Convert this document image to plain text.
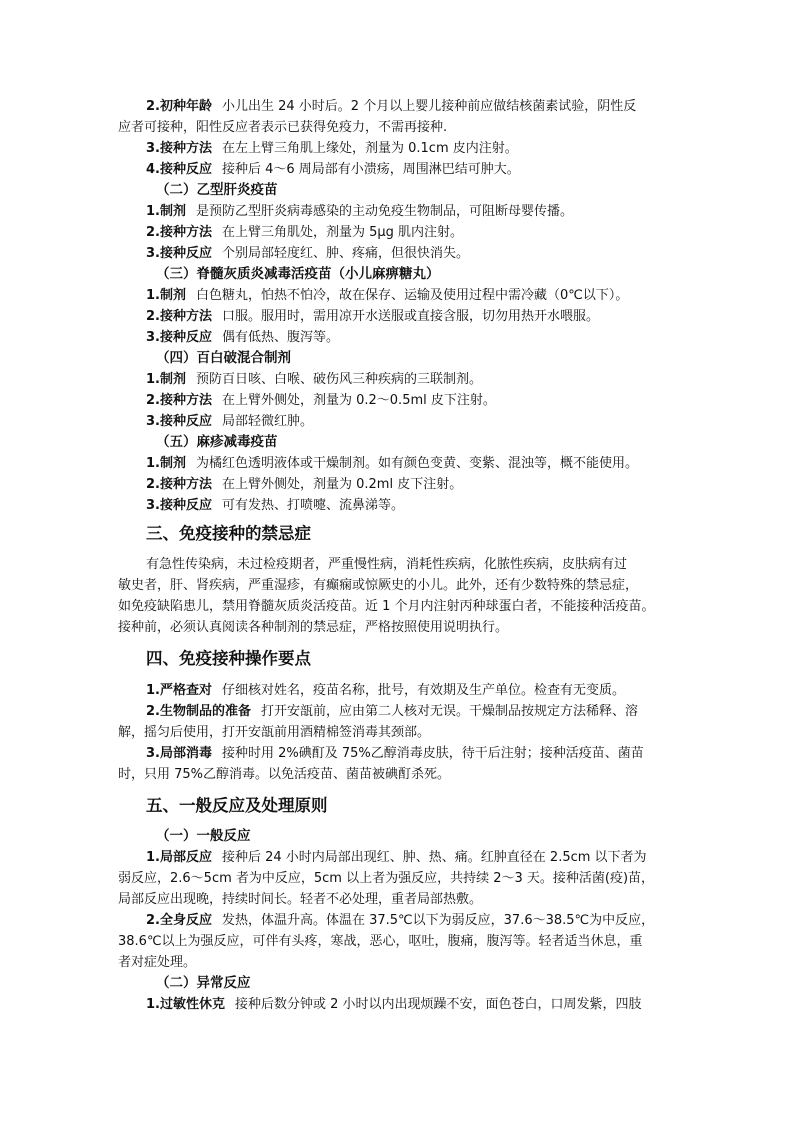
2.初种年龄 小儿出生 24 小时后。2 个月以上婴儿接种前应做结核菌素试验，阴性反
应者可接种，阳性反应者表示已获得免疫力，不需再接种.
3.接种方法 在左上臂三角肌上缘处，剂量为 0.1cm 皮内注射。
4.接种反应 接种后 4～6 周局部有小溃疡，周围淋巴结可肿大。
（二）乙型肝炎疫苗
1.制剂 是预防乙型肝炎病毒感染的主动免疫生物制品，可阻断母婴传播。
2.接种方法 在上臂三角肌处，剂量为 5μg 肌内注射。
3.接种反应 个别局部轻度红、肿、疼痛，但很快消失。
（三）脊髓灰质炎减毒活疫苗（小儿麻痹糖丸）
1.制剂 白色糖丸，怕热不怕冷，故在保存、运输及使用过程中需冷藏（0℃以下）。
2.接种方法 口服。服用时，需用凉开水送服或直接含服，切勿用热开水喂服。
3.接种反应 偶有低热、腹泻等。
（四）百白破混合制剂
1.制剂 预防百日咳、白喉、破伤风三种疾病的三联制剂。
2.接种方法 在上臂外侧处，剂量为 0.2～0.5ml 皮下注射。
3.接种反应 局部轻微红肿。
（五）麻疹减毒疫苗
1.制剂 为橘红色透明液体或干燥制剂。如有颜色变黄、变紫、混浊等，概不能使用。
2.接种方法 在上臂外侧处，剂量为 0.2ml 皮下注射。
3.接种反应 可有发热、打喷嚏、流鼻涕等。
三、免疫接种的禁忌症
有急性传染病，未过检疫期者，严重慢性病，消耗性疾病，化脓性疾病，皮肤病有过
敏史者，肝、肾疾病，严重湿疹，有癫痫或惊厥史的小儿。此外，还有少数特殊的禁忌症，
如免疫缺陷患儿，禁用脊髓灰质炎活疫苗。近 1 个月内注射丙种球蛋白者，不能接种活疫苗。
接种前，必须认真阅读各种制剂的禁忌症，严格按照使用说明执行。
四、免疫接种操作要点
1.严格查对 仔细核对姓名，疫苗名称，批号，有效期及生产单位。检查有无变质。
2.生物制品的准备 打开安瓿前，应由第二人核对无误。干燥制品按规定方法稀释、溶
解，摇匀后使用，打开安瓿前用酒精棉签消毒其颈部。
3.局部消毒 接种时用 2%碘酊及 75%乙醇消毒皮肤，待干后注射；接种活疫苗、菌苗
时，只用 75%乙醇消毒。以免活疫苗、菌苗被碘酊杀死。
五、一般反应及处理原则
（一）一般反应
1.局部反应 接种后 24 小时内局部出现红、肿、热、痛。红肿直径在 2.5cm 以下者为
弱反应，2.6～5cm 者为中反应，5cm 以上者为强反应，共持续 2～3 天。接种活菌(疫)苗，
局部反应出现晚，持续时间长。轻者不必处理，重者局部热敷。
2.全身反应 发热，体温升高。体温在 37.5℃以下为弱反应，37.6～38.5℃为中反应，
38.6℃以上为强反应，可伴有头疼，寒战，恶心，呕吐，腹痛，腹泻等。轻者适当休息，重
者对症处理。
（二）异常反应
1.过敏性休克 接种后数分钟或 2 小时以内出现烦躁不安，面色苍白，口周发紫，四肢
